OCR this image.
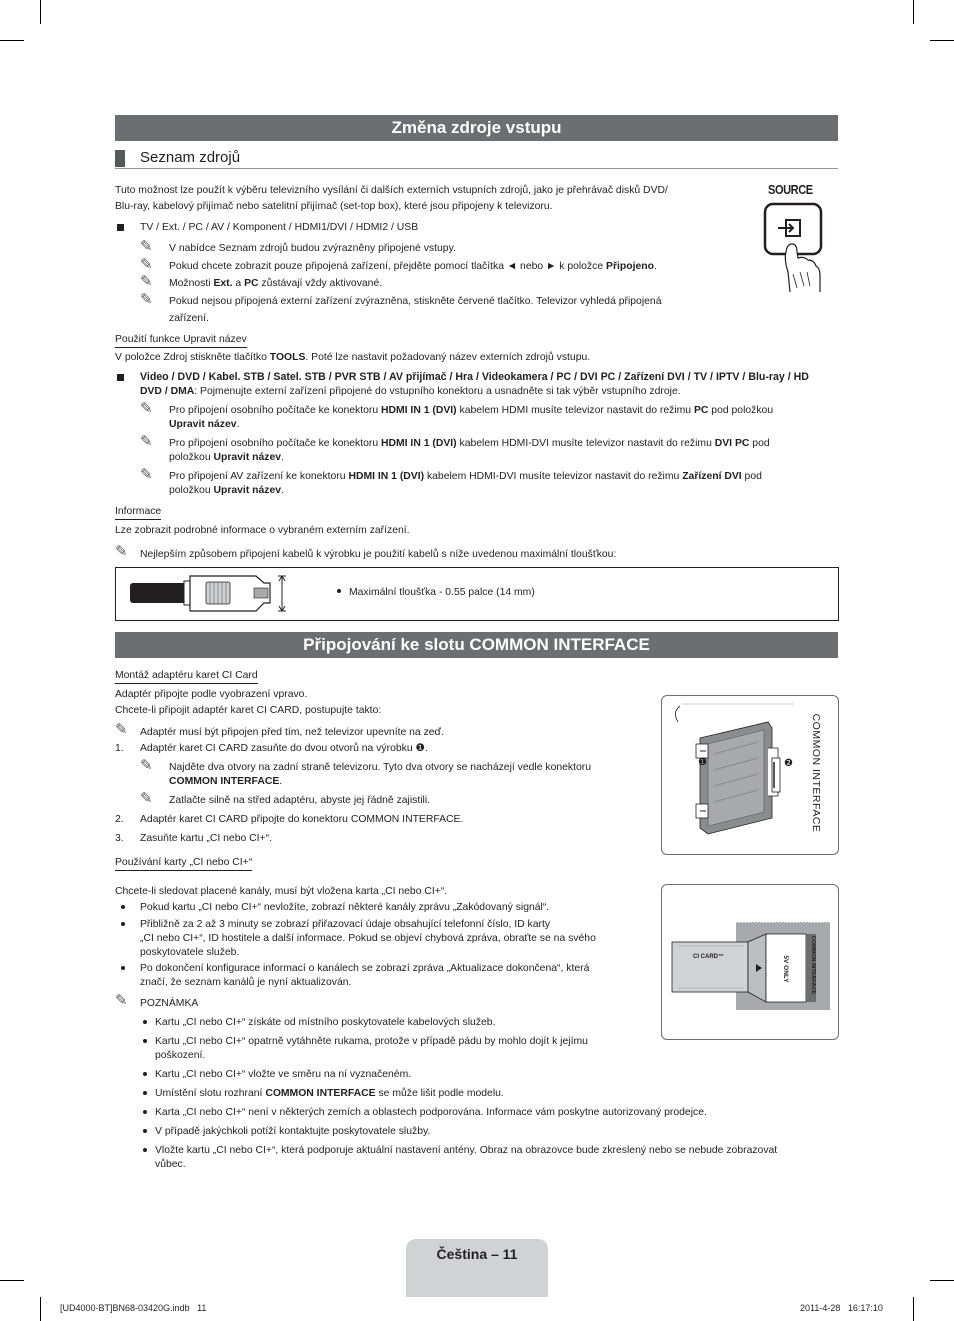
Změna zdroje vstupu
Seznam zdrojů
Tuto možnost lze použít k výběru televizního vysílání či dalších externích vstupních zdrojů, jako je přehrávač disků DVD/
Blu-ray, kabelový přijímač nebo satelitní přijímač (set-top box), které jsou připojeny k televizoru.
TV / Ext. / PC / AV / Komponent / HDMI1/DVI / HDMI2 / USB
✎ V nabídce Seznam zdrojů budou zvýrazněny připojené vstupy.
✎ Pokud chcete zobrazit pouze připojená zařízení, přejděte pomocí tlačítka ◄ nebo ► k položce Připojeno.
✎ Možnosti Ext. a PC zůstávají vždy aktivované.
✎ Pokud nejsou připojená externí zařízení zvýrazněna, stiskněte červené tlačítko. Televizor vyhledá připojená
zařízení.
SOURCE
Použití funkce Upravit název
V položce Zdroj stiskněte tlačítko TOOLS. Poté lze nastavit požadovaný název externích zdrojů vstupu.
Video / DVD / Kabel. STB / Satel. STB / PVR STB / AV přijímač / Hra / Videokamera / PC / DVI PC / Zařízení DVI / TV / IPTV / Blu-ray / HD
DVD / DMA: Pojmenujte externí zařízení připojené do vstupního konektoru a usnadněte si tak výběr vstupního zdroje.
✎ Pro připojení osobního počítače ke konektoru HDMI IN 1 (DVI) kabelem HDMI musíte televizor nastavit do režimu PC pod položkou
Upravit název.
✎ Pro připojení osobního počítače ke konektoru HDMI IN 1 (DVI) kabelem HDMI-DVI musíte televizor nastavit do režimu DVI PC pod
položkou Upravit název.
✎ Pro připojení AV zařízení ke konektoru HDMI IN 1 (DVI) kabelem HDMI-DVI musíte televizor nastavit do režimu Zařízení DVI pod
položkou Upravit název.
Informace
Lze zobrazit podrobné informace o vybraném externím zařízení.
✎ Nejlepším způsobem připojení kabelů k výrobku je použití kabelů s níže uvedenou maximální tloušťkou:
Maximální tloušťka - 0.55 palce (14 mm)
Připojování ke slotu COMMON INTERFACE
Montáž adaptéru karet CI Card
Adaptér připojte podle vyobrazení vpravo.
Chcete-li připojit adaptér karet CI CARD, postupujte takto:
✎ Adaptér musí být připojen před tím, než televizor upevníte na zeď.
1. Adaptér karet CI CARD zasuňte do dvou otvorů na výrobku ❶.
✎ Najděte dva otvory na zadní straně televizoru. Tyto dva otvory se nacházejí vedle konektoru
COMMON INTERFACE.
✎ Zatlačte silně na střed adaptéru, abyste jej řádně zajistili.
2. Adaptér karet CI CARD připojte do konektoru COMMON INTERFACE.
3. Zasuňte kartu „CI nebo CI+“.
❶	❷ COMMON INTERFACE
Používání karty „CI nebo CI+“
Chcete-li sledovat placené kanály, musí být vložena karta „CI nebo CI+“.
Pokud kartu „CI nebo CI+“ nevložíte, zobrazí některé kanály zprávu „Zakódovaný signál“.
Přibližně za 2 až 3 minuty se zobrazí přiřazovací údaje obsahující telefonní číslo, ID karty
„CI nebo CI+“, ID hostitele a další informace. Pokud se objeví chybová zpráva, obraťte se na svého
poskytovatele služeb.
Po dokončení konfigurace informací o kanálech se zobrazí zpráva „Aktualizace dokončena“, která
značí, že seznam kanálů je nyní aktualizován.
CI CARD™	COMMON INTERFACE
5V ONLY
✎ POZNÁMKA
Kartu „CI nebo CI+“ získáte od místního poskytovatele kabelových služeb.
Kartu „CI nebo CI+“ opatrně vytáhněte rukama, protože v případě pádu by mohlo dojít k jejímu
poškození.
Kartu „CI nebo CI+“ vložte ve směru na ní vyznačeném.
Umístění slotu rozhraní COMMON INTERFACE se může lišit podle modelu.
Karta „CI nebo CI+“ není v některých zemích a oblastech podporována. Informace vám poskytne autorizovaný prodejce.
V případě jakýchkoli potíží kontaktujte poskytovatele služby.
Vložte kartu „CI nebo CI+“, která podporuje aktuální nastavení antény. Obraz na obrazovce bude zkreslený nebo se nebude zobrazovat
vůbec.
Čeština – 11
[UD4000-BT]BN68-03420G.indb   11	2011-4-28   16:17:10
